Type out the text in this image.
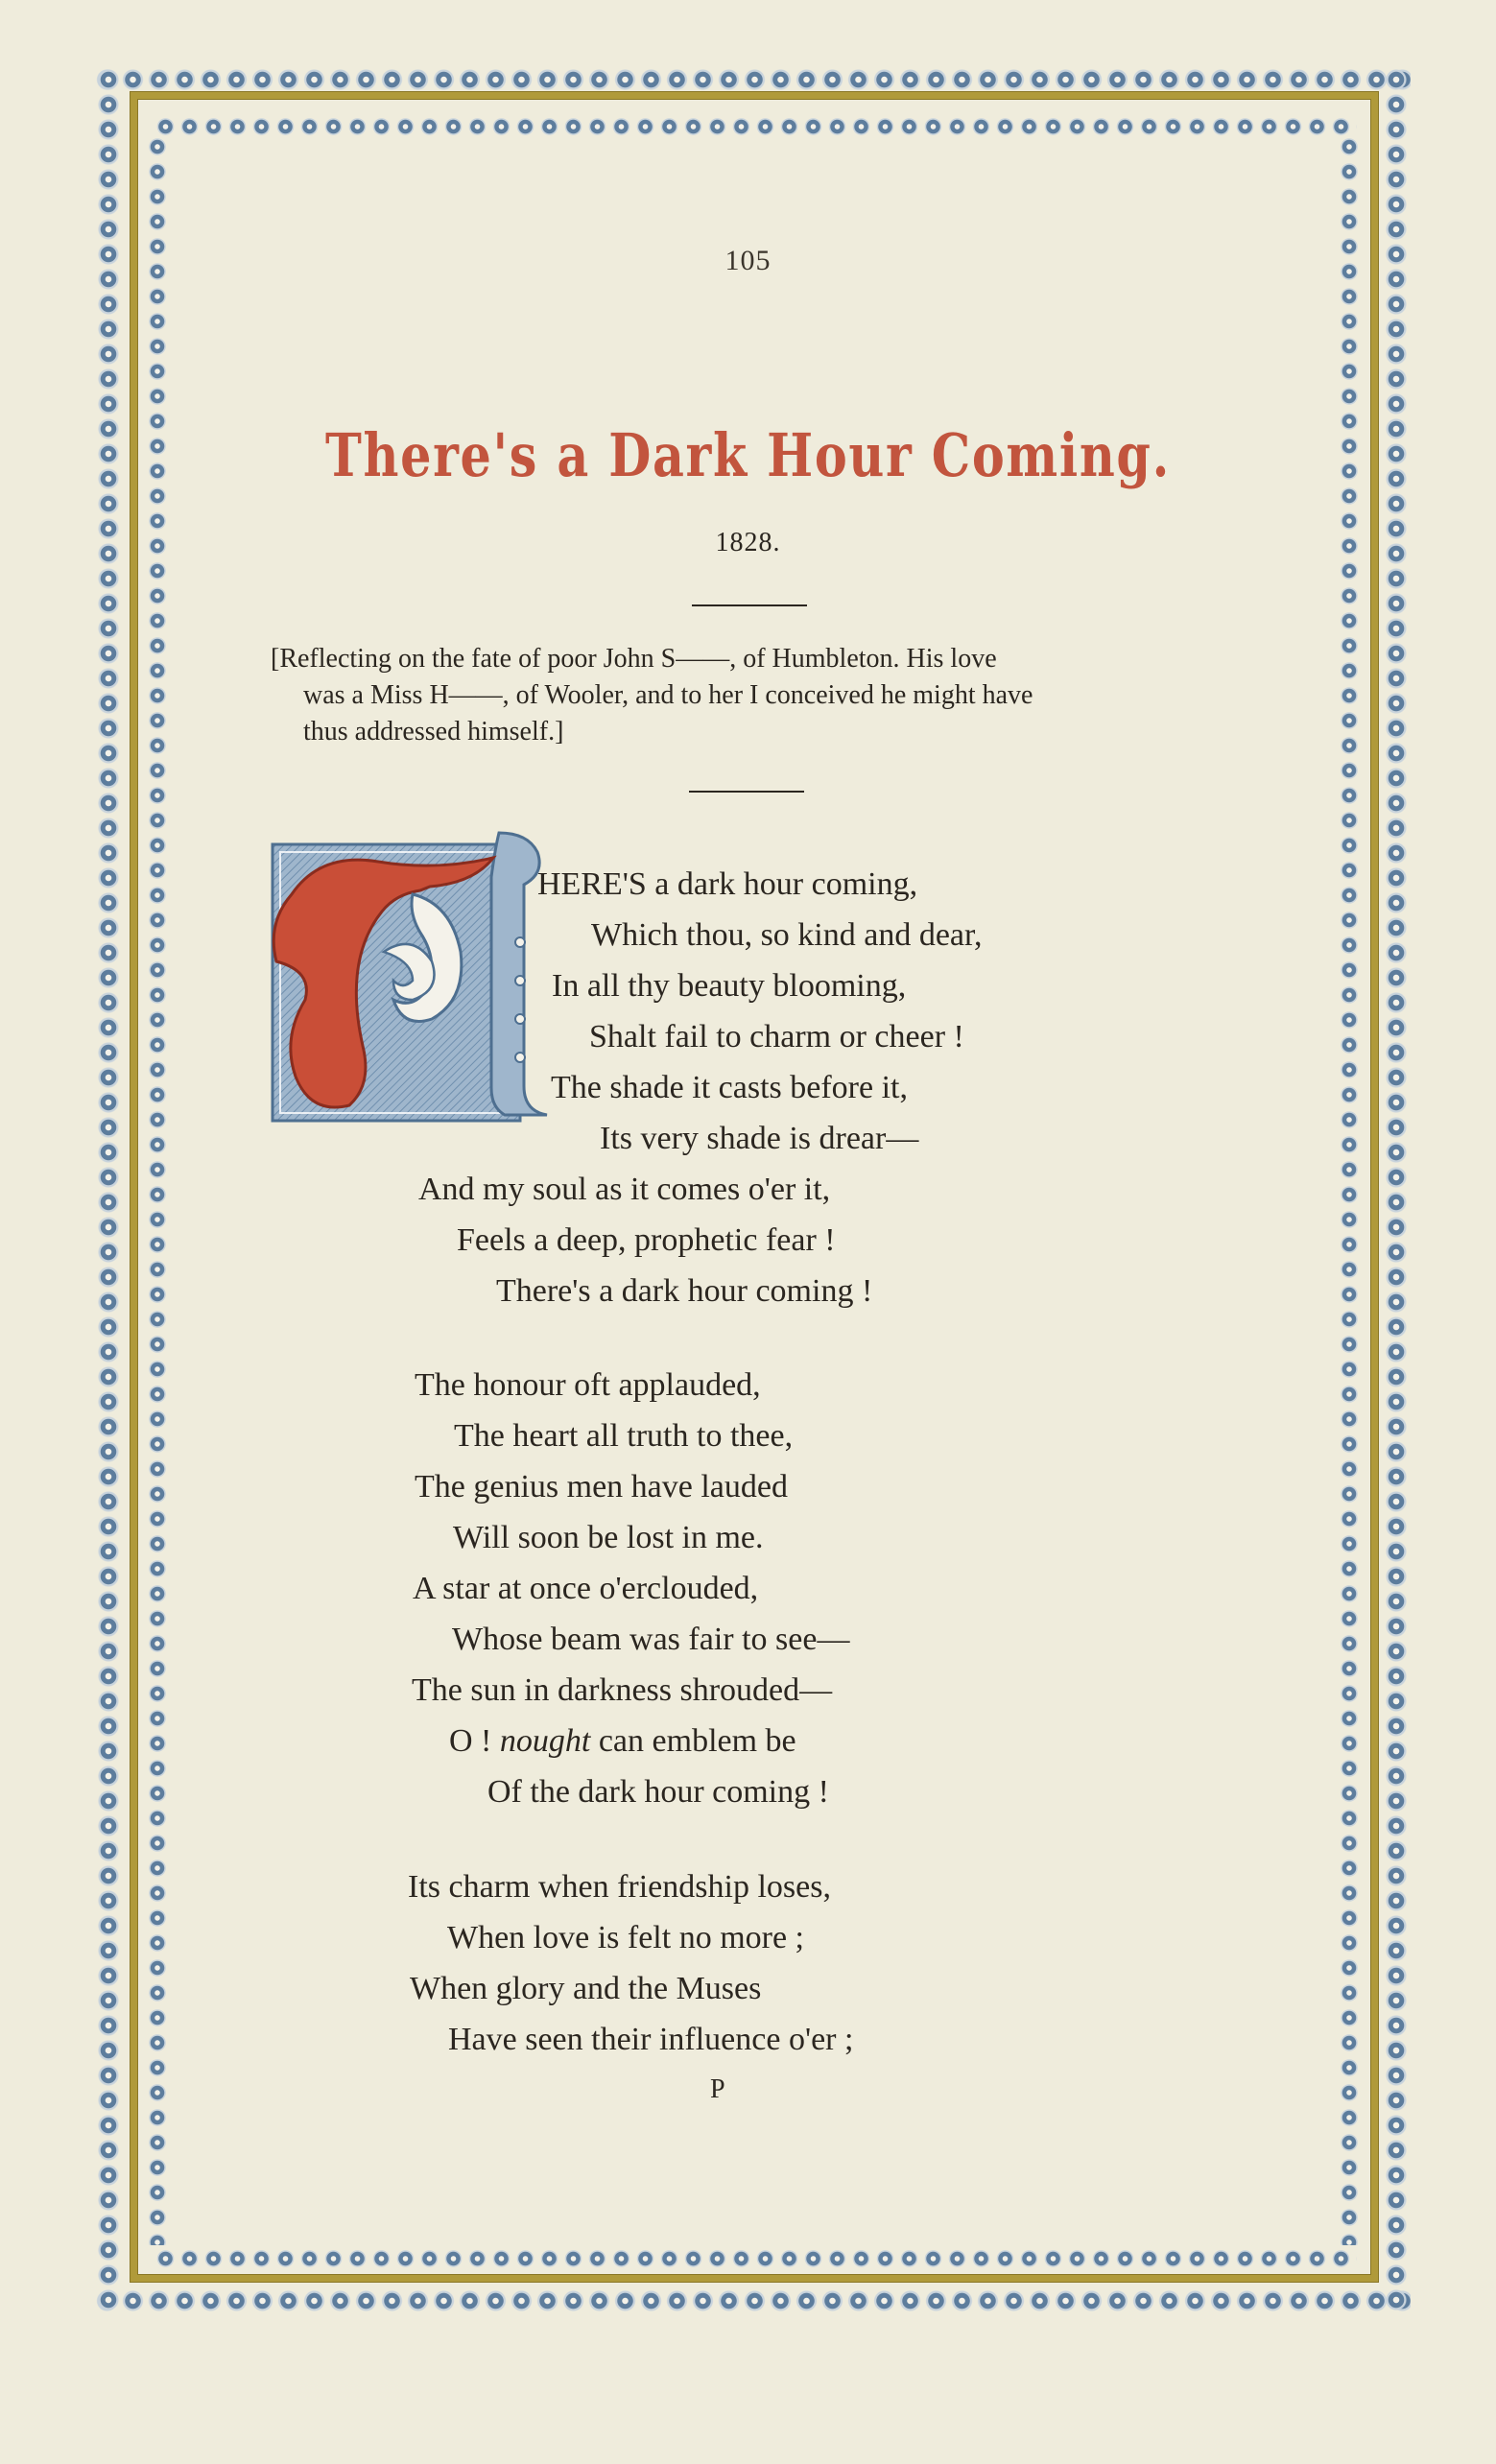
105
There's a Dark Hour Coming.
1828.
[Reflecting on the fate of poor John S——, of Humbleton. His love
was a Miss H——, of Wooler, and to her I conceived he might have
thus addressed himself.]
HERE'S a dark hour coming,
Which thou, so kind and dear,
In all thy beauty blooming,
Shalt fail to charm or cheer !
The shade it casts before it,
Its very shade is drear—
And my soul as it comes o'er it,
Feels a deep, prophetic fear !
There's a dark hour coming !
The honour oft applauded,
The heart all truth to thee,
The genius men have lauded
Will soon be lost in me.
A star at once o'erclouded,
Whose beam was fair to see—
The sun in darkness shrouded—
O ! nought can emblem be
Of the dark hour coming !
Its charm when friendship loses,
When love is felt no more ;
When glory and the Muses
Have seen their influence o'er ;
P
